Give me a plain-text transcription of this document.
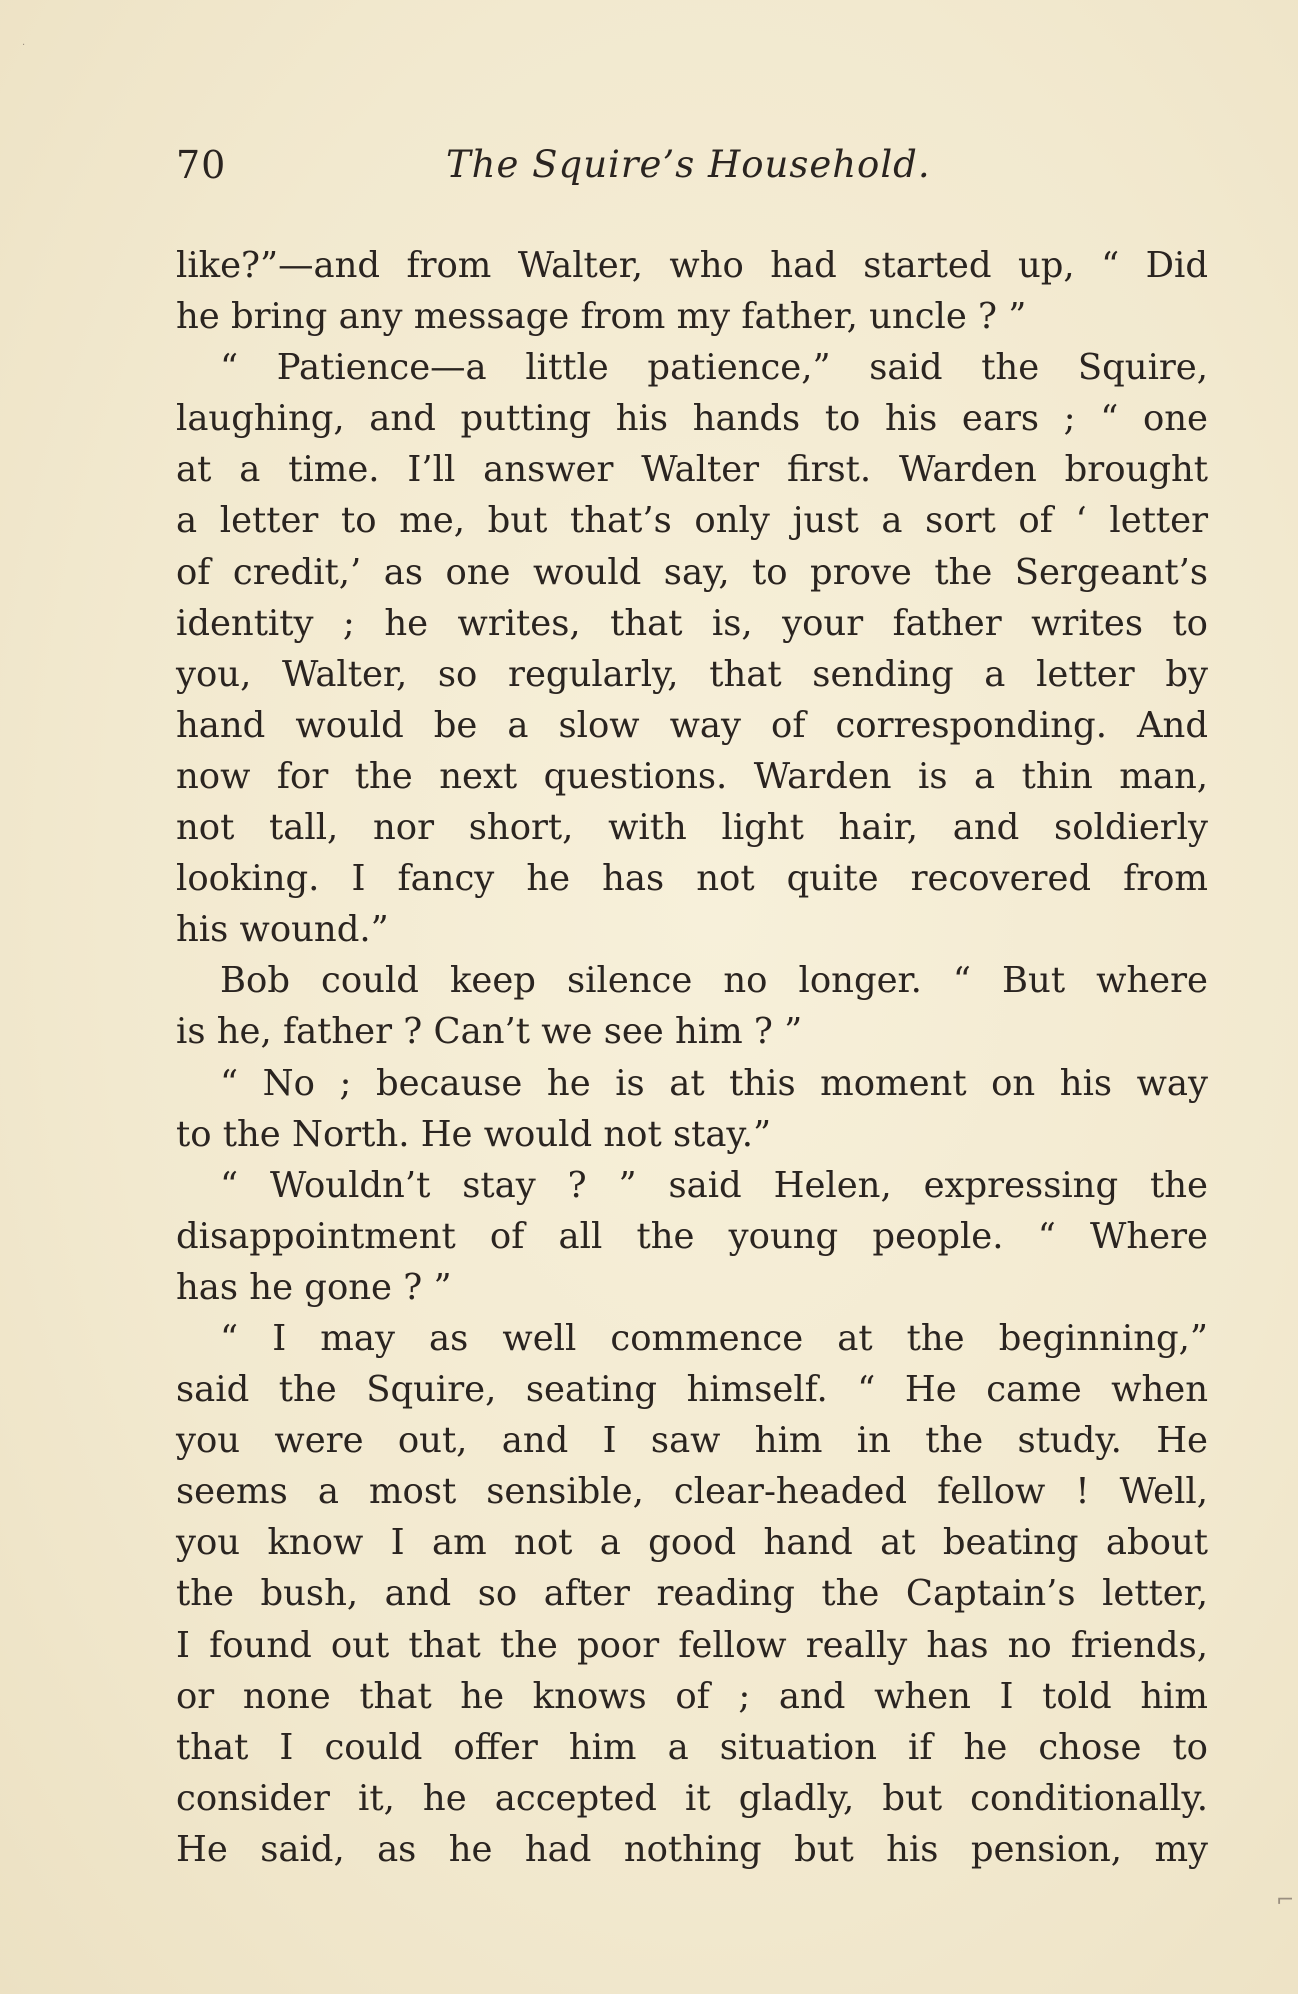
70	The Squire’s Household.
like?”—and from Walter, who had started up, “ Did
he bring any message from my father, uncle ? ”
“ Patience—a little patience,” said the Squire,
laughing, and putting his hands to his ears ; “ one
at a time. I’ll answer Walter first. Warden brought
a letter to me, but that’s only just a sort of ‘ letter
of credit,’ as one would say, to prove the Sergeant’s
identity ; he writes, that is, your father writes to
you, Walter, so regularly, that sending a letter by
hand would be a slow way of corresponding. And
now for the next questions. Warden is a thin man,
not tall, nor short, with light hair, and soldierly
looking. I fancy he has not quite recovered from
his wound.”
Bob could keep silence no longer. “ But where
is he, father ? Can’t we see him ? ”
“ No ; because he is at this moment on his way
to the North. He would not stay.”
“ Wouldn’t stay ? ” said Helen, expressing the
disappointment of all the young people. “ Where
has he gone ? ”
“ I may as well commence at the beginning,”
said the Squire, seating himself. “ He came when
you were out, and I saw him in the study. He
seems a most sensible, clear-headed fellow ! Well,
you know I am not a good hand at beating about
the bush, and so after reading the Captain’s letter,
I found out that the poor fellow really has no friends,
or none that he knows of ; and when I told him
that I could offer him a situation if he chose to
consider it, he accepted it gladly, but conditionally.
He said, as he had nothing but his pension, my
·
⌐
